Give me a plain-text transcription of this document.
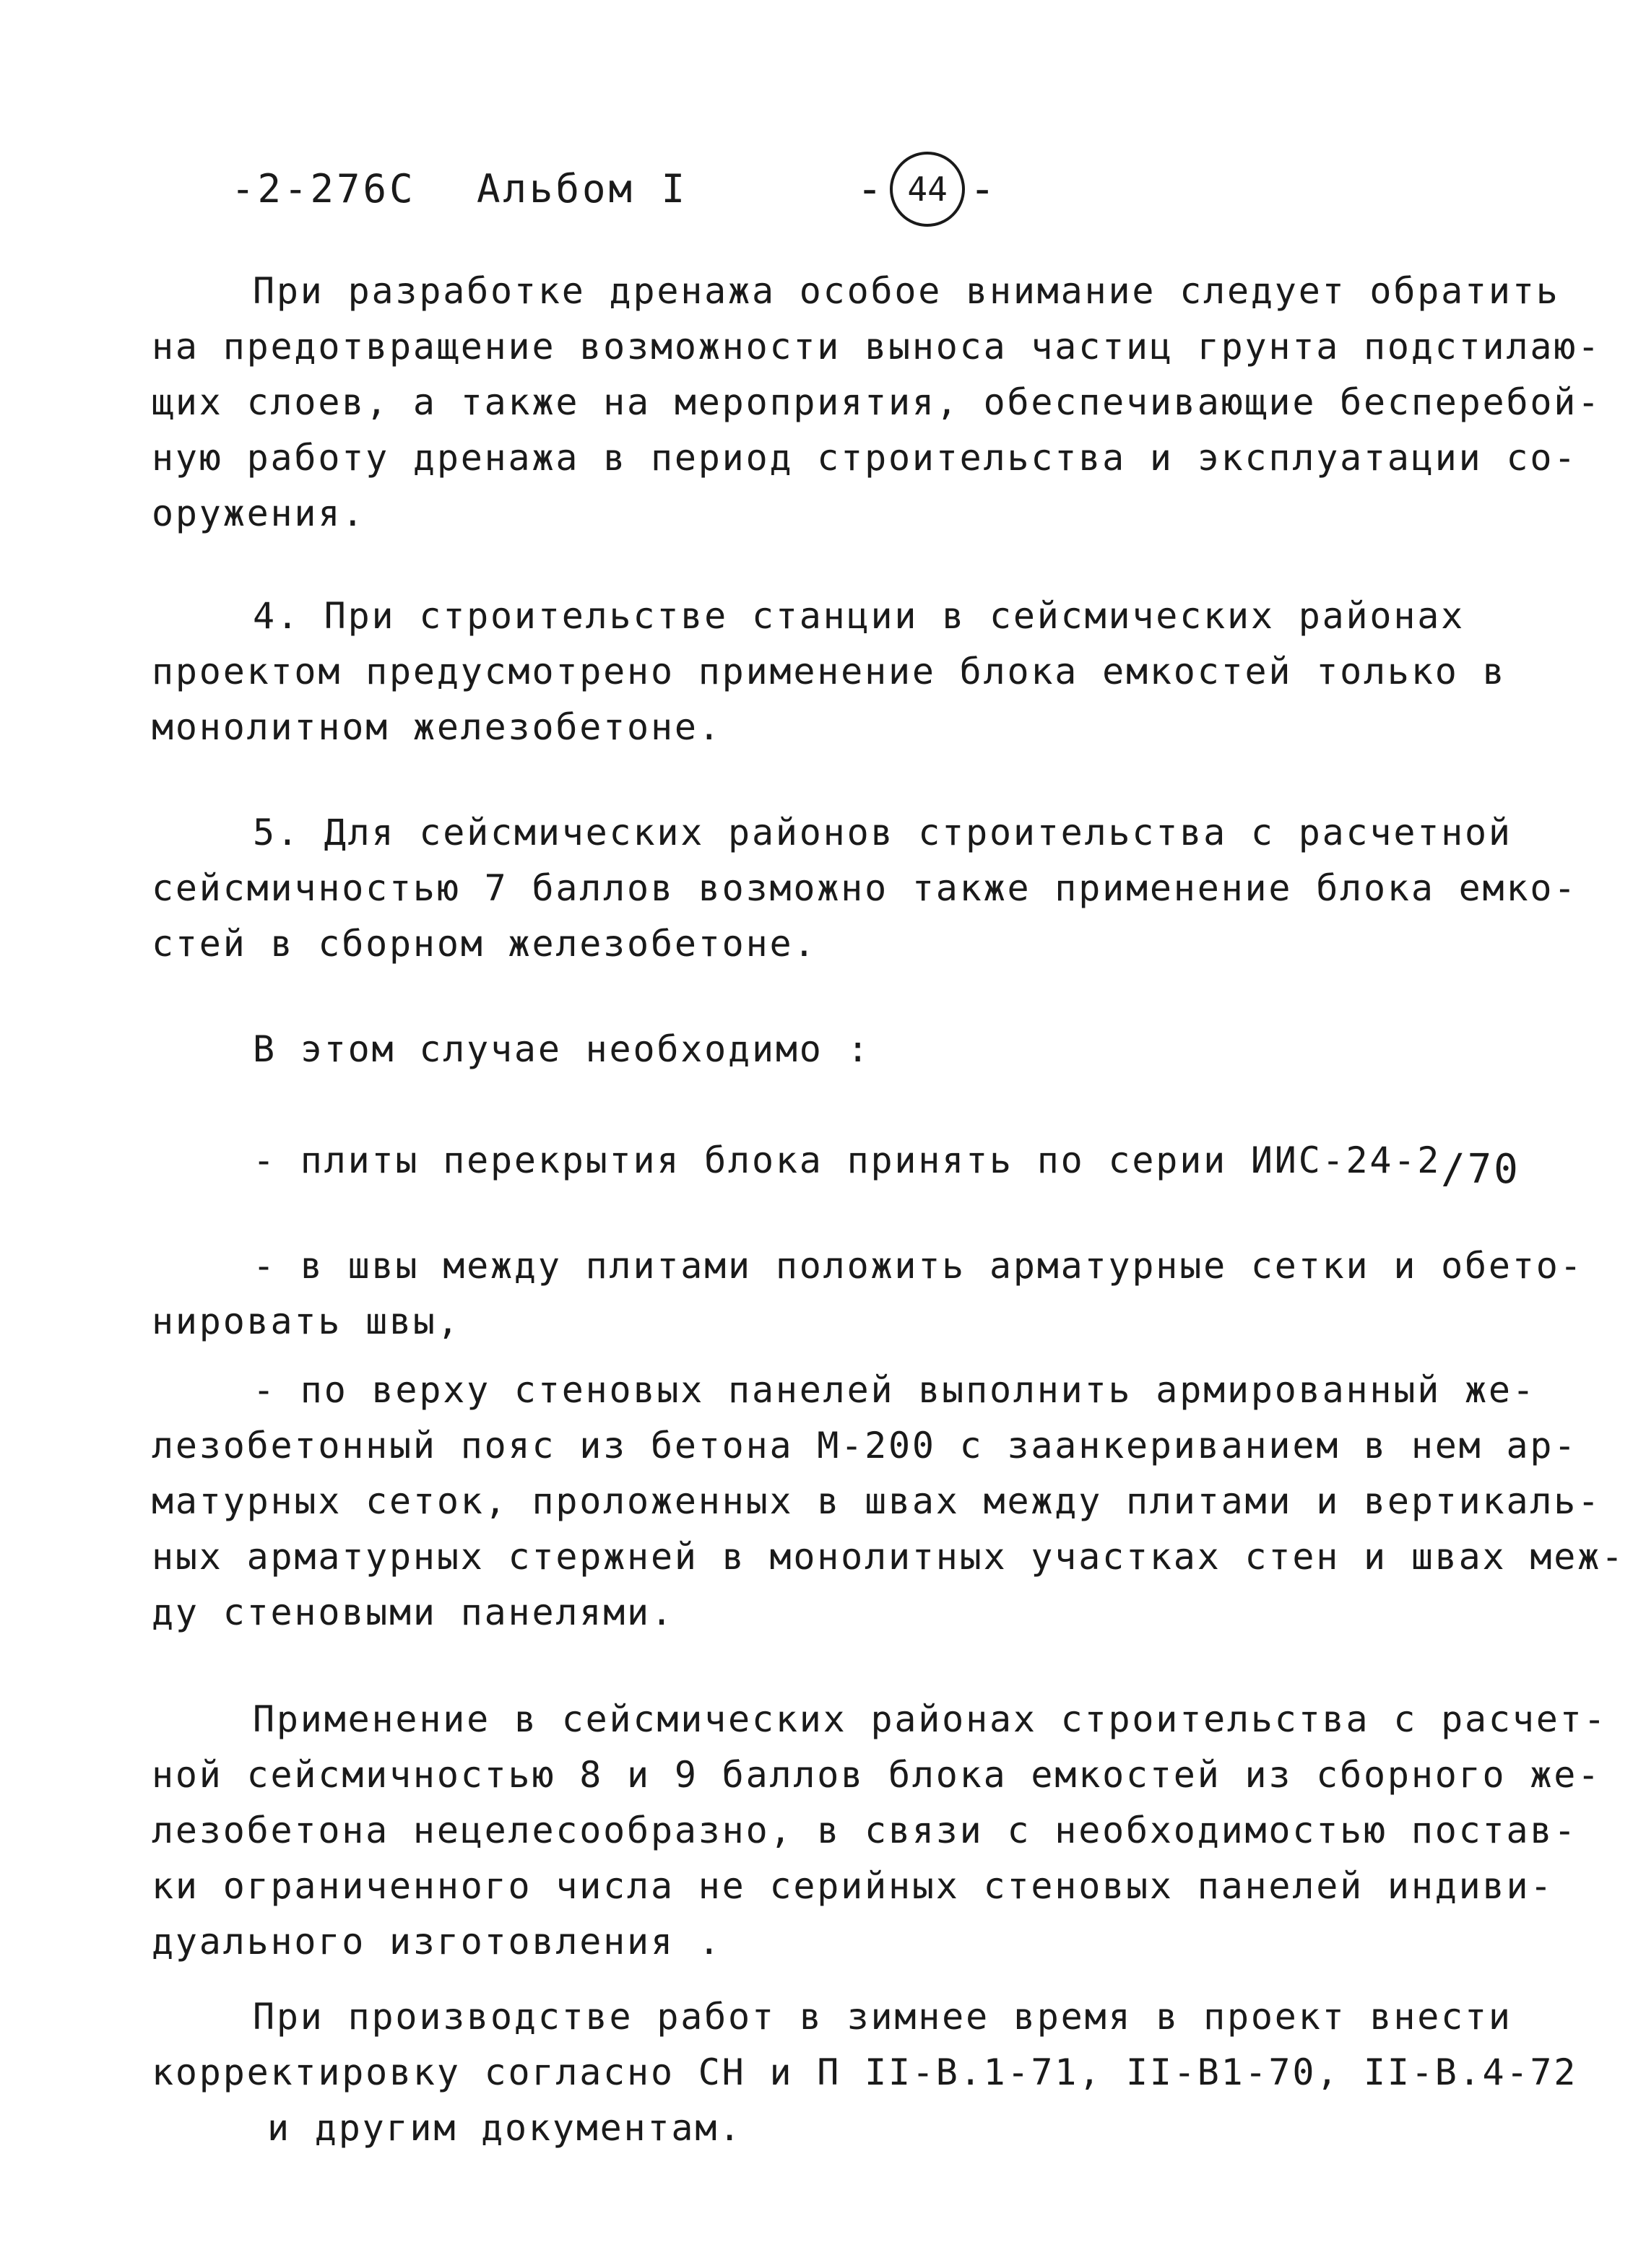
-2-276С Альбом I	- 44 -
При разработке дренажа особое внимание следует обратить
на предотвращение возможности выноса частиц грунта подстилаю-
щих слоев, а также на мероприятия, обеспечивающие бесперебой-
ную работу дренажа в период строительства и эксплуатации со-
оружения.
4. При строительстве станции в сейсмических районах
проектом предусмотрено применение блока емкостей только в
монолитном железобетоне.
5. Для сейсмических районов строительства с расчетной
сейсмичностью 7 баллов возможно также применение блока емко-
стей в сборном железобетоне.
В этом случае необходимо :
- плиты перекрытия блока принять по серии ИИС-24-2/70
- в швы между плитами положить арматурные сетки и обето-
нировать швы,
- по верху стеновых панелей выполнить армированный же-
лезобетонный пояс из бетона М-200 с заанкериванием в нем ар-
матурных сеток, проложенных в швах между плитами и вертикаль-
ных арматурных стержней в монолитных участках стен и швах меж-
ду стеновыми панелями.
Применение в сейсмических районах строительства с расчет-
ной сейсмичностью 8 и 9 баллов блока емкостей из сборного же-
лезобетона нецелесообразно, в связи с необходимостью постав-
ки ограниченного числа не серийных стеновых панелей индиви-
дуального изготовления .
При производстве работ в зимнее время в проект внести
корректировку согласно СН и П II-В.1-71, II-В1-70, II-В.4-72
и другим документам.
